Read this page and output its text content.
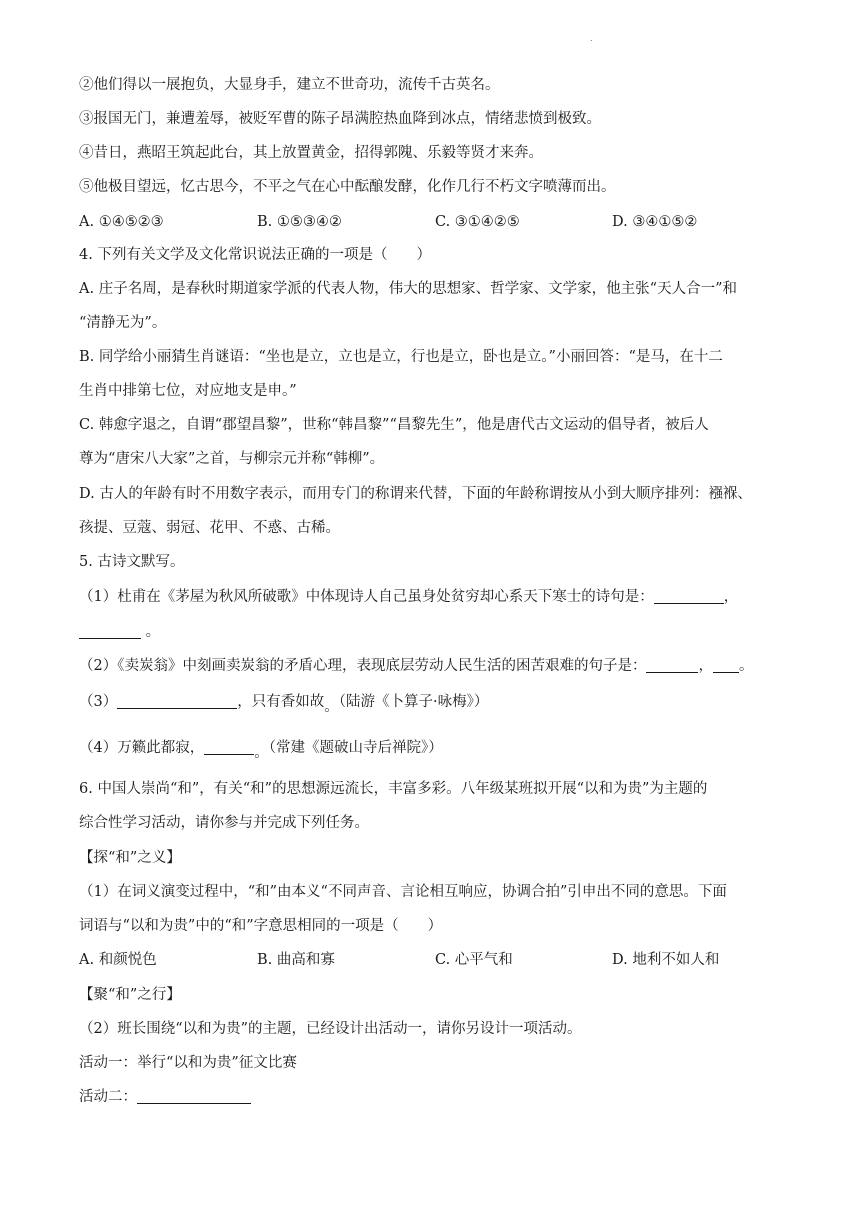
.
②他们得以一展抱负，大显身手，建立不世奇功，流传千古英名。
③报国无门，兼遭羞辱，被贬军曹的陈子昂满腔热血降到冰点，情绪悲愤到极致。
④昔日，燕昭王筑起此台，其上放置黄金，招得郭隗、乐毅等贤才来奔。
⑤他极目望远，忆古思今，不平之气在心中酝酿发酵，化作几行不朽文字喷薄而出。
A. ①④⑤②③	B. ①⑤③④②	C. ③①④②⑤	D. ③④①⑤②
4. 下列有关文学及文化常识说法正确的一项是（　　）
A. 庄子名周，是春秋时期道家学派的代表人物，伟大的思想家、哲学家、文学家，他主张“天人合一”和
“清静无为”。
B. 同学给小丽猜生肖谜语：“坐也是立，立也是立，行也是立，卧也是立。”小丽回答：“是马，在十二
生肖中排第七位，对应地支是申。”
C. 韩愈字退之，自谓“郡望昌黎”，世称“韩昌黎”“昌黎先生”，他是唐代古文运动的倡导者，被后人
尊为“唐宋八大家”之首，与柳宗元并称“韩柳”。
D. 古人的年龄有时不用数字表示，而用专门的称谓来代替，下面的年龄称谓按从小到大顺序排列：襁褓、
孩提、豆蔻、弱冠、花甲、不惑、古稀。
5. 古诗文默写。
（1）杜甫在《茅屋为秋风所破歌》中体现诗人自己虽身处贫穷却心系天下寒士的诗句是：	，
。
（2）《卖炭翁》中刻画卖炭翁的矛盾心理，表现底层劳动人民生活的困苦艰难的句子是：	， 。
（3）	，只有香如故。（陆游《卜算子·咏梅》）
（4）万籁此都寂，	。（常建《题破山寺后禅院》）
6. 中国人崇尚“和”，有关“和”的思想源远流长，丰富多彩。八年级某班拟开展“以和为贵”为主题的
综合性学习活动，请你参与并完成下列任务。
【探“和”之义】
（1）在词义演变过程中，“和”由本义“不同声音、言论相互响应，协调合拍”引申出不同的意思。下面
词语与“以和为贵”中的“和”字意思相同的一项是（　　）
A. 和颜悦色	B. 曲高和寡	C. 心平气和	D. 地利不如人和
【聚“和”之行】
（2）班长围绕“以和为贵”的主题，已经设计出活动一，请你另设计一项活动。
活动一：举行“以和为贵”征文比赛
活动二：
